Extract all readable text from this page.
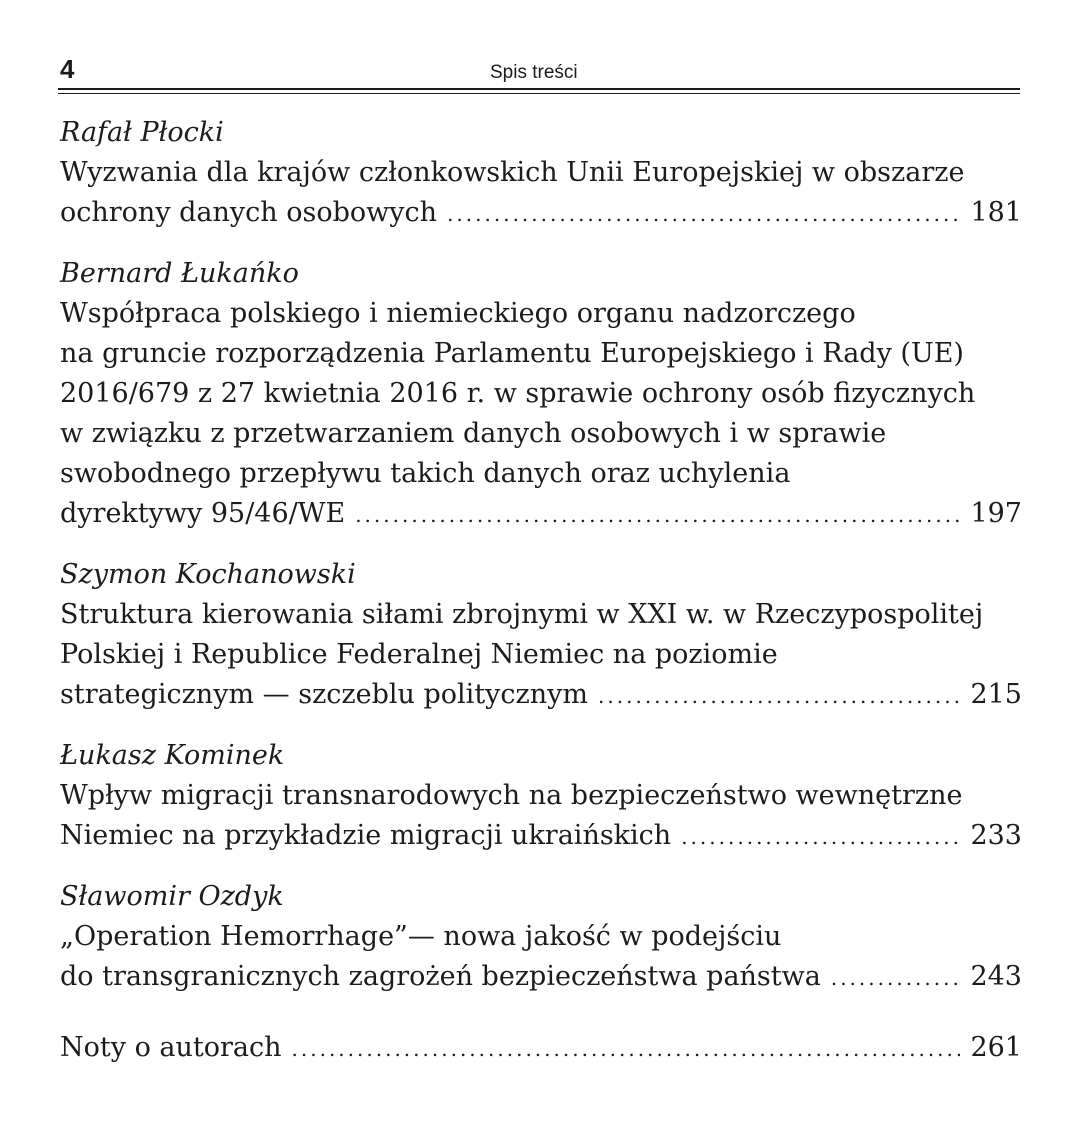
4	Spis treści
Rafał Płocki
Wyzwania dla krajów członkowskich Unii Europejskiej w obszarze
ochrony danych osobowych .....	181
Bernard Łukańko
Współpraca polskiego i niemieckiego organu nadzorczego
na gruncie rozporządzenia Parlamentu Europejskiego i Rady (UE)
2016/679 z 27 kwietnia 2016 r. w sprawie ochrony osób fizycznych
w związku z przetwarzaniem danych osobowych i w sprawie
swobodnego przepływu takich danych oraz uchylenia
dyrektywy 95/46/WE .....	197
Szymon Kochanowski
Struktura kierowania siłami zbrojnymi w XXI w. w Rzeczypospolitej
Polskiej i Republice Federalnej Niemiec na poziomie
strategicznym — szczeblu politycznym .....	215
Łukasz Kominek
Wpływ migracji transnarodowych na bezpieczeństwo wewnętrzne
Niemiec na przykładzie migracji ukraińskich .....	233
Sławomir Ozdyk
„Operation Hemorrhage”— nowa jakość w podejściu
do transgranicznych zagrożeń bezpieczeństwa państwa .....	243
Noty o autorach .....	261
